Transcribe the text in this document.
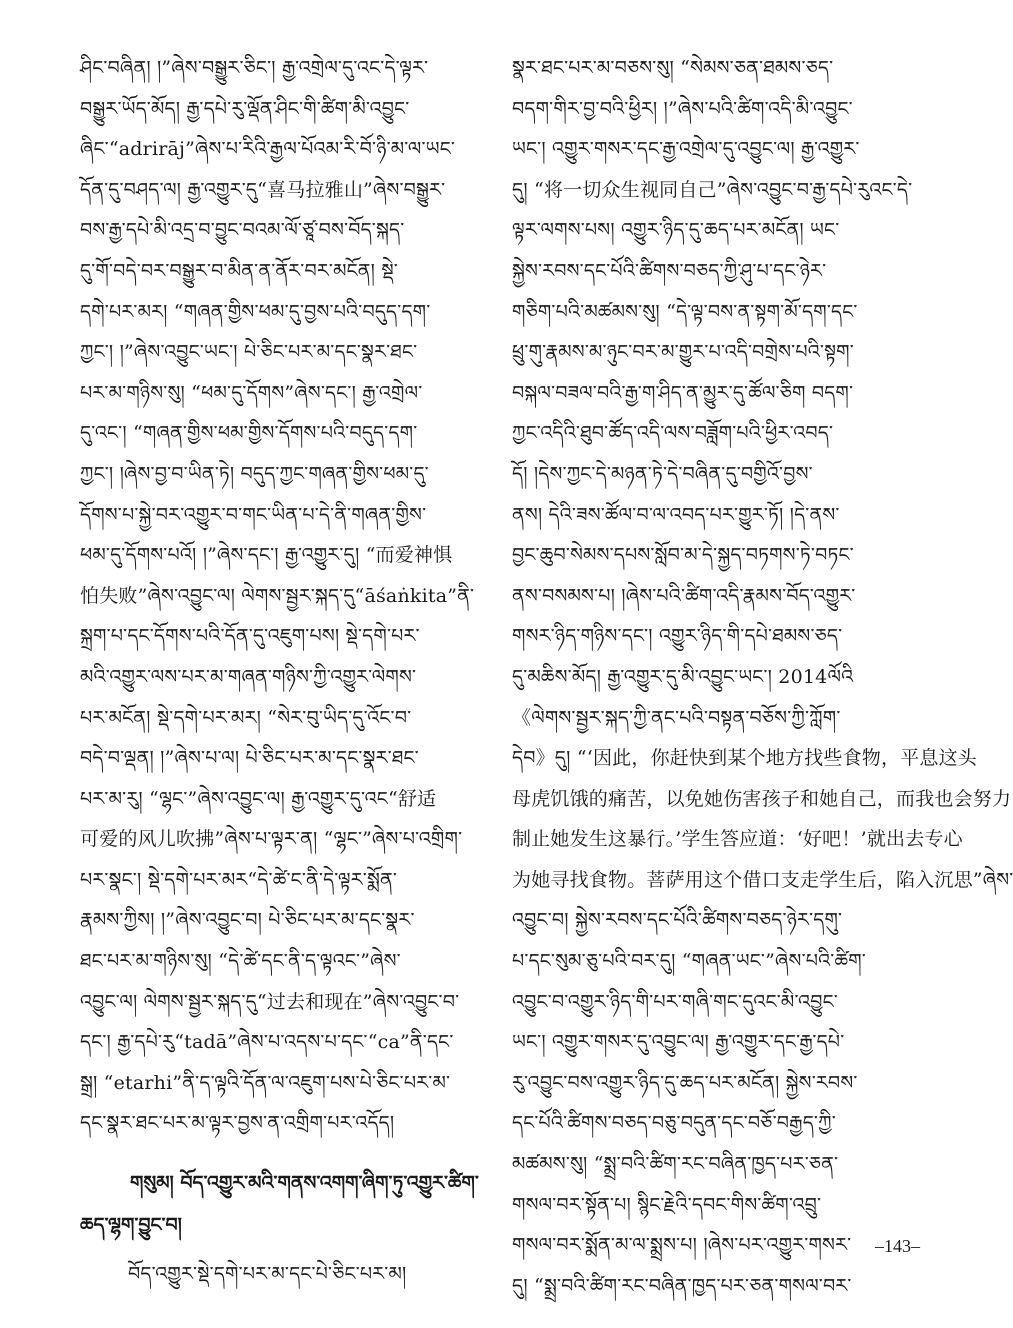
ཤིང་བཞིན། །”ཞེས་བསྒྱུར་ཅིང་། རྒྱ་འགྲེལ་དུ་འང་དེ་ལྟར་
བསྒྱུར་ཡོད་མོད། རྒྱ་དཔེ་རུ་ལྡོན་ཤིང་གི་ཚིག་མི་འབྱུང་
ཞིང་“adrirāj”ཞེས་པ་རིའི་རྒྱལ་པོའམ་རི་བོ་ཉི་མ་ལ་ཡང་
དོན་དུ་བཤད་ལ། རྒྱ་འགྱུར་དུ“喜马拉雅山”ཞེས་བསྒྱུར་
བས་རྒྱ་དཔེ་མི་འདྲ་བ་བྱུང་བའམ་ལོ་ཙཱ་བས་བོད་སྐད་
དུ་གོ་བདེ་བར་བསྒྱུར་བ་མིན་ན་ནོར་བར་མངོན། སྡེ་
དགེ་པར་མར། “གཞན་གྱིས་ཕམ་དུ་བྱས་པའི་བདུད་དག་
ཀྱང་། །”ཞེས་འབྱུང་ཡང་། པེ་ཅིང་པར་མ་དང་སྣར་ཐང་
པར་མ་གཉིས་སུ། “ཕམ་དུ་དོགས”ཞེས་དང་། རྒྱ་འགྲེལ་
དུ་འང་། “གཞན་གྱིས་ཕམ་གྱིས་དོགས་པའི་བདུད་དག་
ཀྱང་། །ཞེས་བྱ་བ་ཡིན་ཏེ། བདུད་ཀྱང་གཞན་གྱིས་ཕམ་དུ་
དོགས་པ་སྐྱེ་བར་འགྱུར་བ་གང་ཡིན་པ་དེ་ནི་གཞན་གྱིས་
ཕམ་དུ་དོགས་པའོ། །”ཞེས་དང་། རྒྱ་འགྱུར་དུ། “而爱神惧
怕失败”ཞེས་འབྱུང་ལ། ལེགས་སྦྱར་སྐད་དུ“āśaṅkita”ནི་
སྐྲག་པ་དང་དོགས་པའི་དོན་དུ་འཇུག་པས། སྡེ་དགེ་པར་
མའི་འགྱུར་ལས་པར་མ་གཞན་གཉིས་ཀྱི་འགྱུར་ལེགས་
པར་མངོན། སྡེ་དགེ་པར་མར། “སེར་བུ་ཡིད་དུ་འོང་བ་
བདེ་བ་ལྡན། །”ཞེས་པ་ལ། པེ་ཅིང་པར་མ་དང་སྣར་ཐང་
པར་མ་རུ། “ལྷང་”ཞེས་འབྱུང་ལ། རྒྱ་འགྱུར་དུ་འང“舒适
可爱的风儿吹拂”ཞེས་པ་ལྟར་ན། “ལྷང་”ཞེས་པ་འགྲིག་
པར་སྣང་། སྡེ་དགེ་པར་མར“དེ་ཚེ་ང་ནི་དེ་ལྟར་སྨོན་
རྣམས་ཀྱིས། །”ཞེས་འབྱུང་བ། པེ་ཅིང་པར་མ་དང་སྣར་
ཐང་པར་མ་གཉིས་སུ། “དེ་ཚེ་དང་ནི་ད་ལྟའང་”ཞེས་
འབྱུང་ལ། ལེགས་སྦྱར་སྐད་དུ“过去和现在”ཞེས་འབྱུང་བ་
དང་། རྒྱ་དཔེ་རུ“tadā”ཞེས་པ་འདས་པ་དང་“ca”ནི་དང་
སྒྲ། “etarhi”ནི་ད་ལྟའི་དོན་ལ་འཇུག་པས་པེ་ཅིང་པར་མ་
དང་སྣར་ཐང་པར་མ་ལྟར་བྱས་ན་འགྲིག་པར་འདོད།
གསུམ། བོད་འགྱུར་མའི་གནས་འགག་ཞིག་ཏུ་འགྱུར་ཚིག་
ཆད་ལྷག་བྱུང་བ།
བོད་འགྱུར་སྡེ་དགེ་པར་མ་དང་པེ་ཅིང་པར་མ།
སྣར་ཐང་པར་མ་བཅས་སུ། “སེམས་ཅན་ཐམས་ཅད་
བདག་གིར་བྱ་བའི་ཕྱིར། །”ཞེས་པའི་ཚིག་འདི་མི་འབྱུང་
ཡང་། འགྱུར་གསར་དང་རྒྱ་འགྲེལ་དུ་འབྱུང་ལ། རྒྱ་འགྱུར་
དུ། “将一切众生视同自己”ཞེས་འབྱུང་བ་རྒྱ་དཔེ་རུའང་དེ་
ལྟར་ལགས་པས། འགྱུར་ཉིད་དུ་ཆད་པར་མངོན། ཡང་
སྐྱེས་རབས་དང་པོའི་ཚིགས་བཅད་ཀྱི་ཤུ་པ་དང་ཉེར་
གཅིག་པའི་མཚམས་སུ། “དེ་ལྟ་བས་ན་སྟག་མོ་དག་དང་
ཕྲུ་གུ་རྣམས་མ་ཉུང་བར་མ་གྱུར་པ་འདི་བགྲེས་པའི་སྟག་
བསྐལ་བཟལ་བའི་རྒྱ་ག་ཤིད་ན་མྱུར་དུ་ཚོལ་ཅིག བདག་
ཀྱང་འདིའི་ཐུབ་ཚོད་འདི་ལས་བཟློག་པའི་ཕྱིར་འབད་
དོ། །དེས་ཀྱང་དེ་མཉན་ཏེ་དེ་བཞིན་དུ་བགྱིའོ་བྱས་
ནས། དེའི་ཟས་ཚོལ་བ་ལ་འབད་པར་གྱུར་ཏོ། །དེ་ནས་
བྱང་ཆུབ་སེམས་དཔས་སློབ་མ་དེ་སྐྱད་བཏགས་ཏེ་བཏང་
ནས་བསམས་པ། །ཞེས་པའི་ཚིག་འདི་རྣམས་བོད་འགྱུར་
གསར་ཉིད་གཉིས་དང་། འགྱུར་ཉིད་གི་དཔེ་ཐམས་ཅད་
དུ་མཆིས་མོད། རྒྱ་འགྱུར་དུ་མི་འབྱུང་ཡང་། 2014ལོའི
《ལེགས་སྦྱར་སྐད་ཀྱི་ནང་པའི་བསྟན་བཅོས་ཀྱི་ཀློག་
དེབ》དུ། “‘因此，你赶快到某个地方找些食物，平息这头
母虎饥饿的痛苦，以免她伤害孩子和她自己，而我也会努力
制止她发生这暴行。’学生答应道：‘好吧！’就出去专心
为她寻找食物。菩萨用这个借口支走学生后，陷入沉思”ཞེས་
འབྱུང་བ། སྐྱེས་རབས་དང་པོའི་ཚིགས་བཅད་ཉེར་དགུ་
པ་དང་སུམ་ཅུ་པའི་བར་དུ། “གཞན་ཡང་”ཞེས་པའི་ཚིག་
འབྱུང་བ་འགྱུར་ཉིད་གི་པར་གཞི་གང་དུའང་མི་འབྱུང་
ཡང་། འགྱུར་གསར་དུ་འབྱུང་ལ། རྒྱ་འགྱུར་དང་རྒྱ་དཔེ་
རུ་འབྱུང་བས་འགྱུར་ཉིད་དུ་ཆད་པར་མངོན། སྐྱེས་རབས་
དང་པོའི་ཚིགས་བཅད་བཅུ་བདུན་དང་བཅོ་བརྒྱད་ཀྱི་
མཚམས་སུ། “སྨྲ་བའི་ཚིག་རང་བཞིན་ཁྱད་པར་ཅན་
གསལ་བར་སྟོན་པ། སྙིང་རྗེའི་དབང་གིས་ཚིག་འབྲུ་
གསལ་བར་སྨོན་མ་ལ་སྨྲས་པ། །ཞེས་པར་འགྱུར་གསར་
དུ། “སྨྲ་བའི་ཚིག་རང་བཞིན་ཁྱད་པར་ཅན་གསལ་བར་
–143–
